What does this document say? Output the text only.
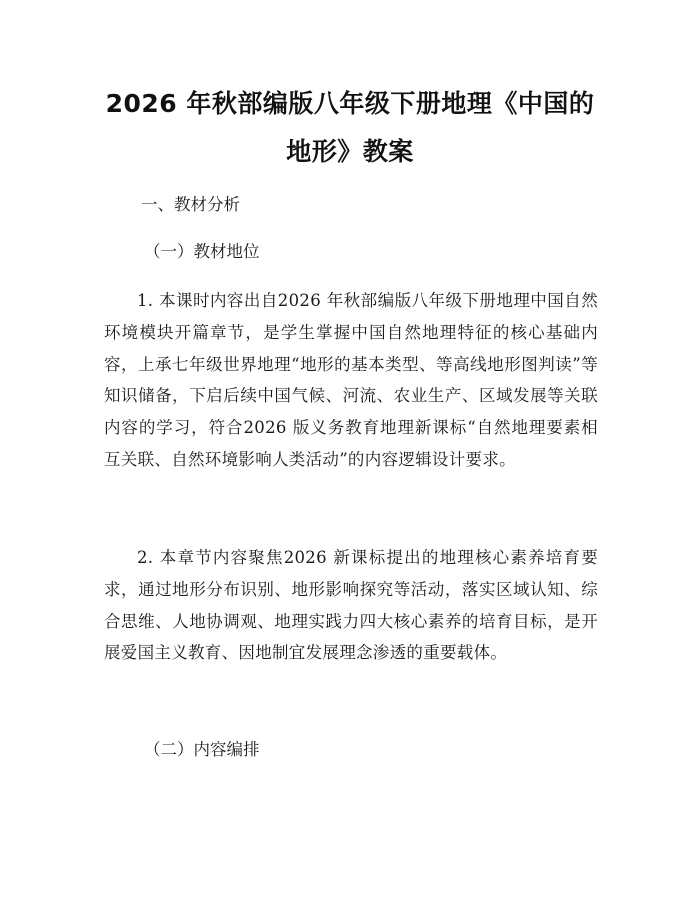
2026 年秋部编版八年级下册地理《中国的地形》教案

一、教材分析

（一）教材地位

1. 本课时内容出自2026 年秋部编版八年级下册地理中国自然环境模块开篇章节，是学生掌握中国自然地理特征的核心基础内容，上承七年级世界地理“地形的基本类型、等高线地形图判读”等知识储备，下启后续中国气候、河流、农业生产、区域发展等关联内容的学习，符合2026 版义务教育地理新课标“自然地理要素相互关联、自然环境影响人类活动”的内容逻辑设计要求。

2. 本章节内容聚焦2026 新课标提出的地理核心素养培育要求，通过地形分布识别、地形影响探究等活动，落实区域认知、综合思维、人地协调观、地理实践力四大核心素养的培育目标，是开展爱国主义教育、因地制宜发展理念渗透的重要载体。

（二）内容编排
